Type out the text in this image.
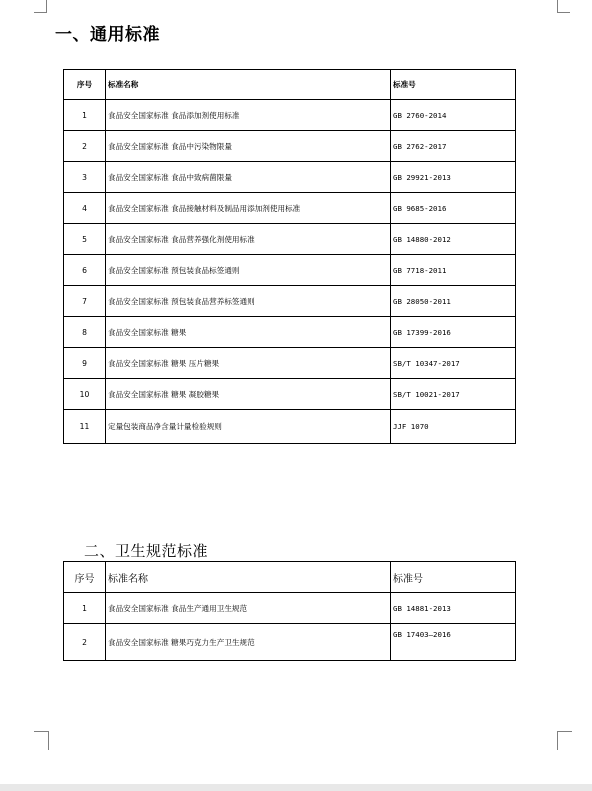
一、通用标准
序号	标准名称	标准号
1	食品安全国家标准 食品添加剂使用标准	GB 2760-2014
2	食品安全国家标准 食品中污染物限量	GB 2762-2017
3	食品安全国家标准 食品中致病菌限量	GB 29921-2013
4	食品安全国家标准 食品接触材料及制品用添加剂使用标准	GB 9685-2016
5	食品安全国家标准 食品营养强化剂使用标准	GB 14880-2012
6	食品安全国家标准 预包装食品标签通则	GB 7718-2011
7	食品安全国家标准 预包装食品营养标签通则	GB 28050-2011
8	食品安全国家标准 糖果	GB 17399-2016
9	食品安全国家标准 糖果 压片糖果	SB/T 10347-2017
10	食品安全国家标准 糖果 凝胶糖果	SB/T 10021-2017
11	定量包装商品净含量计量检验规则	JJF 1070
二、卫生规范标准
序号	标准名称	标准号
1	食品安全国家标准 食品生产通用卫生规范	GB 14881-2013
2	食品安全国家标准 糖果巧克力生产卫生规范	GB 17403—2016
